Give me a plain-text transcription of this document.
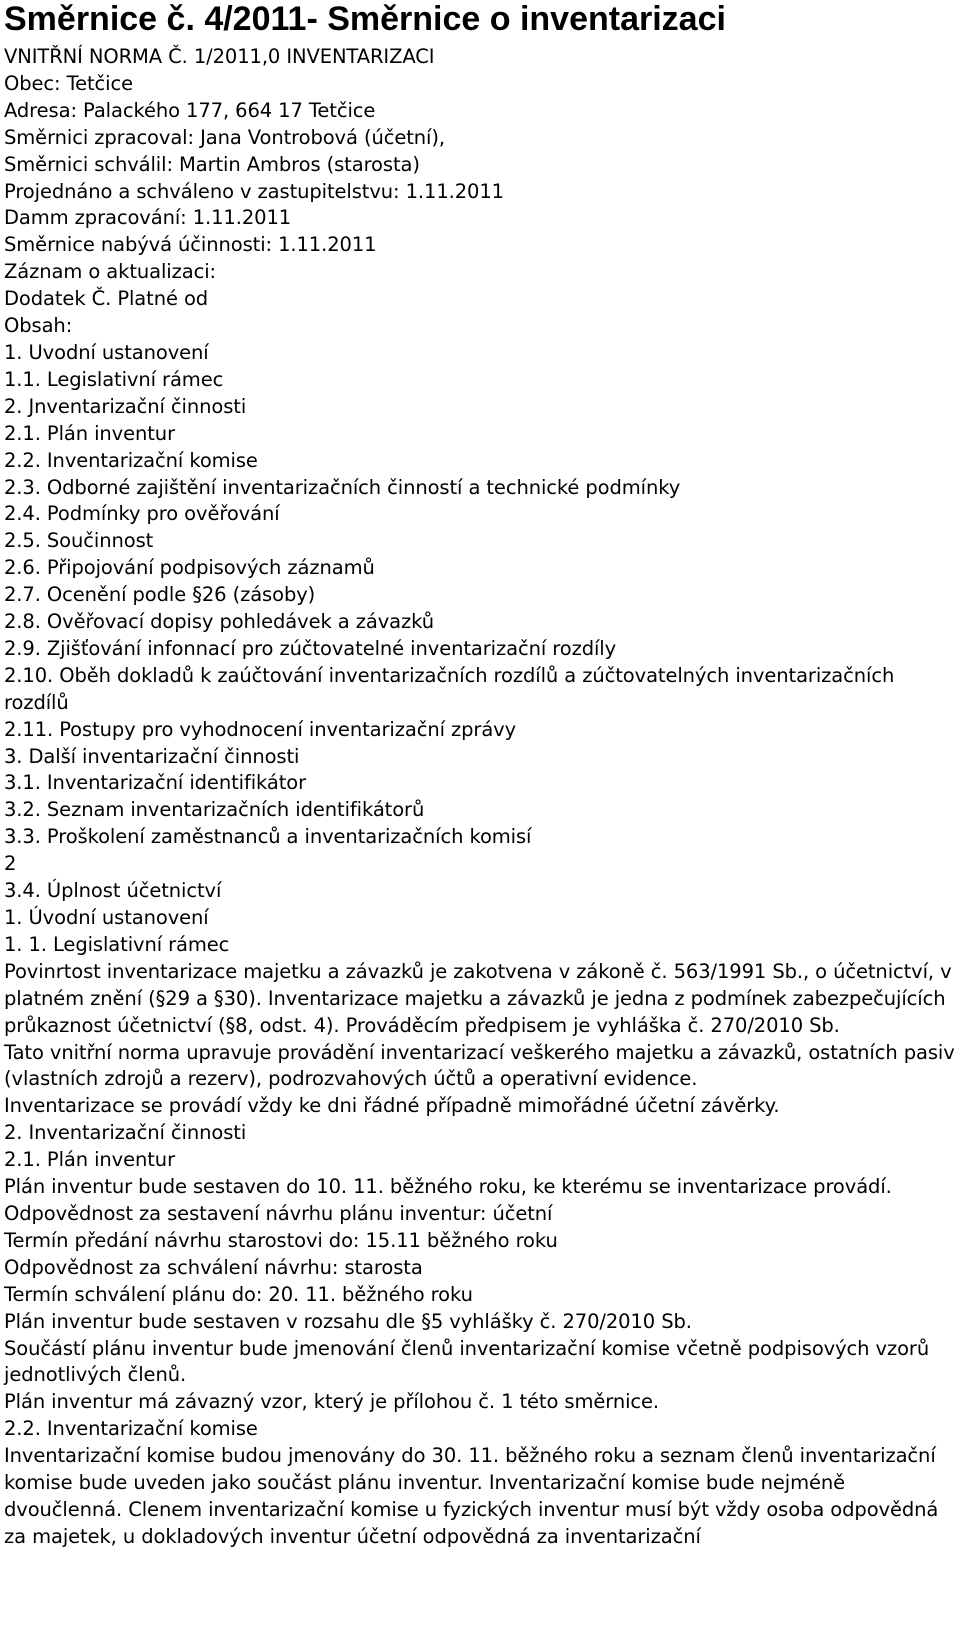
Směrnice č. 4/2011- Směrnice o inventarizaci
VNITŘNÍ NORMA Č. 1/2011,0 INVENTARIZACI
Obec: Tetčice
Adresa: Palackého 177, 664 17 Tetčice
Směrnici zpracoval: Jana Vontrobová (účetní),
Směrnici schválil: Martin Ambros (starosta)
Projednáno a schváleno v zastupitelstvu: 1.11.2011
Damm zpracování: 1.11.2011
Směrnice nabývá účinnosti: 1.11.2011
Záznam o aktualizaci:
Dodatek Č. Platné od
Obsah:
1. Uvodní ustanovení
1.1. Legislativní rámec
2. Jnventarizační činnosti
2.1. Plán inventur
2.2. Inventarizační komise
2.3. Odborné zajištění inventarizačních činností a technické podmínky
2.4. Podmínky pro ověřování
2.5. Součinnost
2.6. Připojování podpisových záznamů
2.7. Ocenění podle §26 (zásoby)
2.8. Ověřovací dopisy pohledávek a závazků
2.9. Zjišťování infonnací pro zúčtovatelné inventarizační rozdíly
2.10. Oběh dokladů k zaúčtování inventarizačních rozdílů a zúčtovatelných inventarizačních rozdílů
2.11. Postupy pro vyhodnocení inventarizační zprávy
3. Další inventarizační činnosti
3.1. Inventarizační identifikátor
3.2. Seznam inventarizačních identifikátorů
3.3. Proškolení zaměstnanců a inventarizačních komisí
2
3.4. Úplnost účetnictví
1. Úvodní ustanovení
1. 1. Legislativní rámec
Povinrtost inventarizace majetku a závazků je zakotvena v zákoně č. 563/1991 Sb., o účetnictví, v platném znění (§29 a §30). Inventarizace majetku a závazků je jedna z podmínek zabezpečujících průkaznost účetnictví (§8, odst. 4). Prováděcím předpisem je vyhláška č. 270/2010 Sb.
Tato vnitřní norma upravuje provádění inventarizací veškerého majetku a závazků, ostatních pasiv (vlastních zdrojů a rezerv), podrozvahových účtů a operativní evidence.
Inventarizace se provádí vždy ke dni řádné případně mimořádné účetní závěrky.
2. Inventarizační činnosti
2.1. Plán inventur
Plán inventur bude sestaven do 10. 11. běžného roku, ke kterému se inventarizace provádí.
Odpovědnost za sestavení návrhu plánu inventur: účetní
Termín předání návrhu starostovi do: 15.11 běžného roku
Odpovědnost za schválení návrhu: starosta
Termín schválení plánu do: 20. 11. běžného roku
Plán inventur bude sestaven v rozsahu dle §5 vyhlášky č. 270/2010 Sb.
Součástí plánu inventur bude jmenování členů inventarizační komise včetně podpisových vzorů jednotlivých členů.
Plán inventur má závazný vzor, který je přílohou č. 1 této směrnice.
2.2. Inventarizační komise
Inventarizační komise budou jmenovány do 30. 11. běžného roku a seznam členů inventarizační komise bude uveden jako součást plánu inventur. Inventarizační komise bude nejméně dvoučlenná. Clenem inventarizační komise u fyzických inventur musí být vždy osoba odpovědná za majetek, u dokladových inventur účetní odpovědná za inventarizační
